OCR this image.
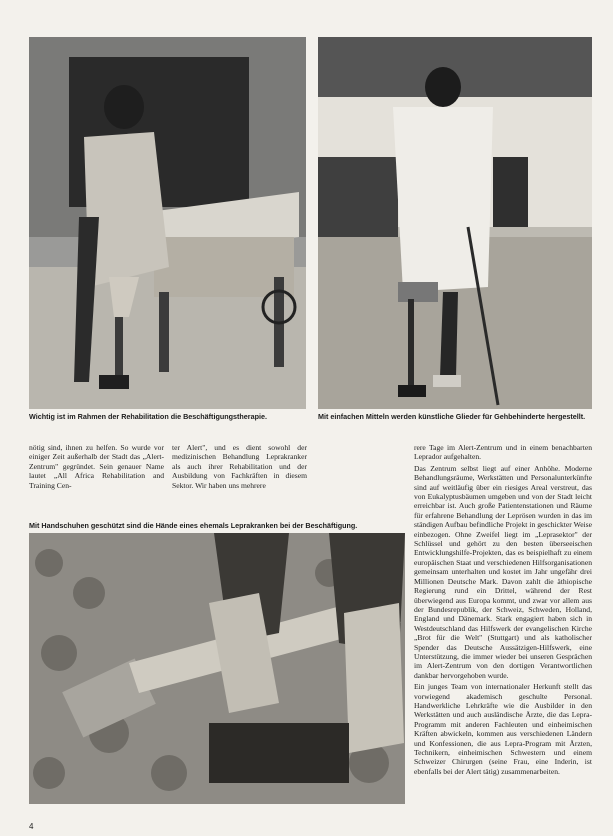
Wichtig ist im Rahmen der Rehabilitation die Beschäftigungstherapie.	Mit einfachen Mitteln werden künstliche Glieder für Gehbehinderte hergestellt.

nötig sind, ihnen zu helfen. So wurde vor einiger Zeit außerhalb der Stadt das „Alert-Zentrum" gegründet. Sein genauer Name lautet „All Africa Rehabilitation and Training Cen-

ter Alert", und es dient sowohl der medizinischen Behandlung Leprakranker als auch ihrer Rehabilitation und der Ausbildung von Fachkräften in diesem Sektor. Wir haben uns mehrere

Mit Handschuhen geschützt sind die Hände eines ehemals Leprakranken bei der Beschäftigung.

rere Tage im Alert-Zentrum und in einem benachbarten Leprador aufgehalten.

Das Zentrum selbst liegt auf einer Anhöhe. Moderne Behandlungsräume, Werkstätten und Personalunterkünfte sind auf weitläufig über ein riesiges Areal verstreut, das von Eukalyptusbäumen umgeben und von der Stadt leicht erreichbar ist. Auch große Patientenstationen und Räume für erfahrene Behandlung der Leprösen wurden in das im ständigen Aufbau befindliche Projekt in geschickter Weise einbezogen. Ohne Zweifel liegt im „Leprasektor" der Schlüssel und gehört zu den besten überseeischen Entwicklungshilfe-Projekten, das es beispielhaft zu einem europäischen Staat und verschiedenen Hilfsorganisationen gemeinsam unterhalten und kostet im Jahr ungefähr drei Millionen Deutsche Mark. Davon zahlt die äthiopische Regierung rund ein Drittel, während der Rest überwiegend aus Europa kommt, und zwar vor allem aus der Bundesrepublik, der Schweiz, Schweden, Holland, England und Dänemark. Stark engagiert haben sich in Westdeutschland das Hilfswerk der evangelischen Kirche „Brot für die Welt" (Stuttgart) und als katholischer Spender das Deutsche Aussätzigen-Hilfswerk, eine Unterstützung, die immer wieder bei unseren Gesprächen im Alert-Zentrum von den dortigen Verantwortlichen dankbar hervorgehoben wurde.

Ein junges Team von internationaler Herkunft stellt das vorwiegend akademisch geschulte Personal. Handwerkliche Lehrkräfte wie die Ausbilder in den Werkstätten und auch ausländische Ärzte, die das Lepra-Programm mit anderen Fachleuten und einheimischen Kräften abwickeln, kommen aus verschiedenen Ländern und Konfessionen, die aus Lepra-Program mit Ärzten, Technikern, einheimischen Schwestern und einem Schweizer Chirurgen (seine Frau, eine Inderin, ist ebenfalls bei der Alert tätig) zusammenarbeiten.

4
